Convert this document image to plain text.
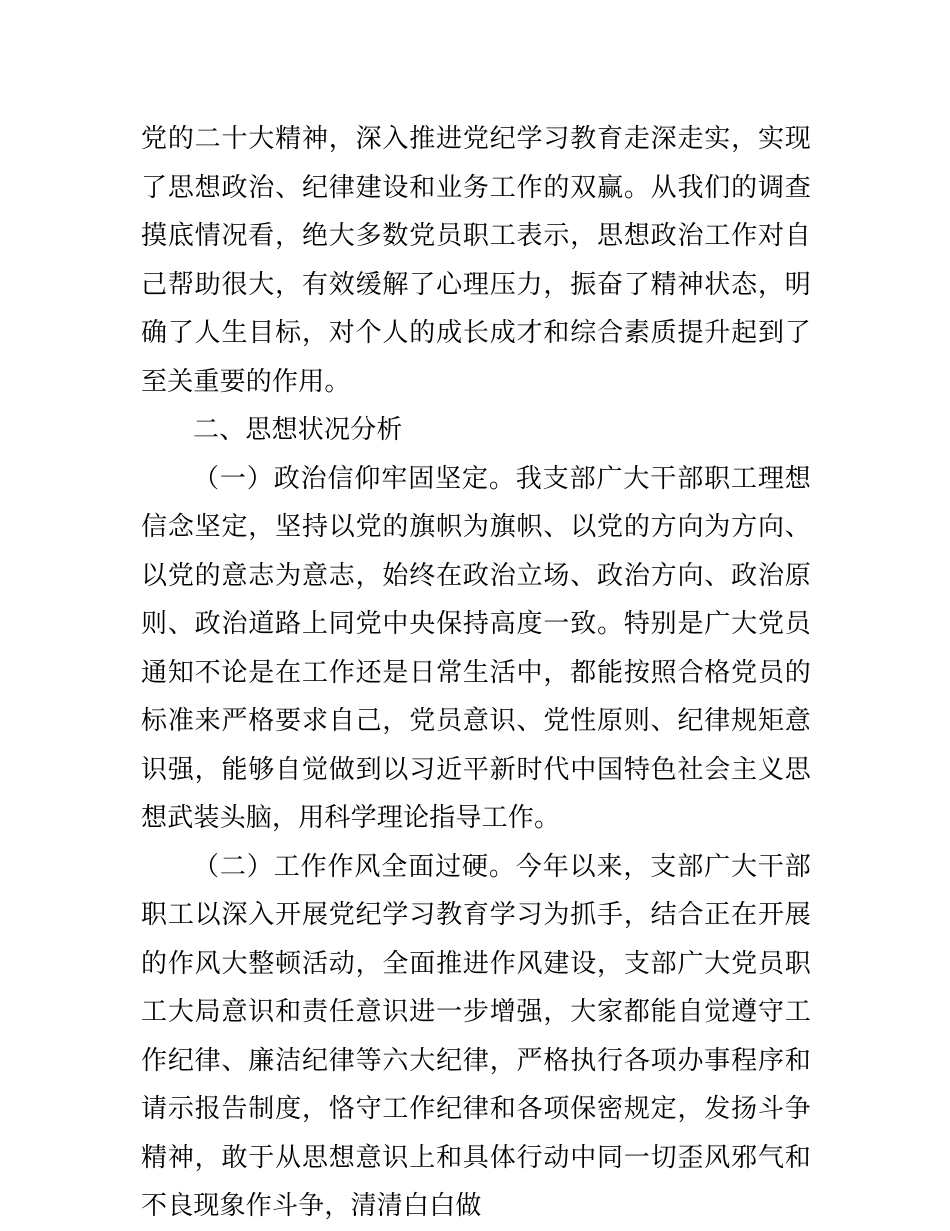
党的二十大精神，深入推进党纪学习教育走深走实，实现了思想政治、纪律建设和业务工作的双赢。从我们的调查摸底情况看，绝大多数党员职工表示，思想政治工作对自己帮助很大，有效缓解了心理压力，振奋了精神状态，明确了人生目标，对个人的成长成才和综合素质提升起到了至关重要的作用。

二、思想状况分析

（一）政治信仰牢固坚定。我支部广大干部职工理想信念坚定，坚持以党的旗帜为旗帜、以党的方向为方向、以党的意志为意志，始终在政治立场、政治方向、政治原则、政治道路上同党中央保持高度一致。特别是广大党员通知不论是在工作还是日常生活中，都能按照合格党员的标准来严格要求自己，党员意识、党性原则、纪律规矩意识强，能够自觉做到以习近平新时代中国特色社会主义思想武装头脑，用科学理论指导工作。

（二）工作作风全面过硬。今年以来，支部广大干部职工以深入开展党纪学习教育学习为抓手，结合正在开展的作风大整顿活动，全面推进作风建设，支部广大党员职工大局意识和责任意识进一步增强，大家都能自觉遵守工作纪律、廉洁纪律等六大纪律，严格执行各项办事程序和请示报告制度，恪守工作纪律和各项保密规定，发扬斗争精神，敢于从思想意识上和具体行动中同一切歪风邪气和不良现象作斗争，清清白白做
